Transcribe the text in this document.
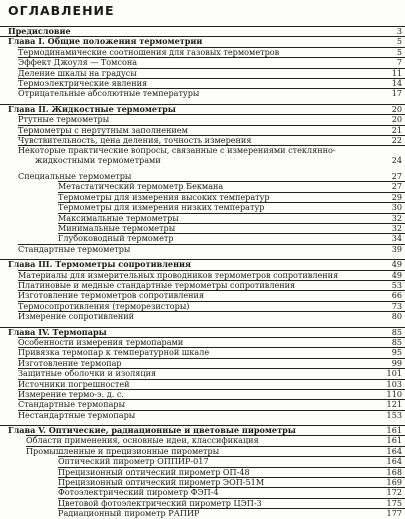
ОГЛАВЛЕНИЕ
Предисловие	3
Глава I. Общие положения термометрии	5
Термодинамические соотношения для газовых термометров	5
Эффект Джоуля — Томсона	7
Деление шкалы на градусы	11
Термоэлектрические явления	14
Отрицательные абсолютные температуры	17
Глава II. Жидкостные термометры	20
Ртутные термометры	20
Термометры с нертутным заполнением	21
Чувствительность, цена деления, точность измерения	22
Некоторые практические вопросы, связанные с измерениями стеклянно-
жидкостными термометрами	24
Специальные термометры	27
Метастатический термометр Бекмана	27
Термометры для измерения высоких температур	29
Термометры для измерения низких температур	30
Максимальные термометры	32
Минимальные термометры	32
Глубоководный термометр	34
Стандартные термометры	39
Глава III. Термометры сопротивления	49
Материалы для измерительных проводников термометров сопротивления	49
Платиновые и медные стандартные термометры сопротивления	53
Изготовление термометров сопротивления	66
Термосопротивления (терморезисторы)	73
Измерение сопротивлений	80
Глава IV. Термопары	85
Особенности измерения термопарами	85
Привязка термопар к температурной шкале	95
Изготовление термопар	99
Защитные оболочки и изоляция	101
Источники погрешностей	103
Измерение термо-э. д. с.	110
Стандартные термопары	121
Нестандартные термопары	153
Глава V. Оптические, радиационные и цветовые пирометры	161
Области применения, основные идеи, классификация	161
Промышленные и прецизионные пирометры	164
Оптический пирометр ОППИР-017	164
Прецизионный оптический пирометр ОП-48	168
Прецизионный оптический пирометр ЭОП-51М	169
Фотоэлектрический пирометр ФЭП-4	172
Цветовой фотоэлектрический пирометр ЦЭП-3	175
Радиационный пирометр РАПИР	177
